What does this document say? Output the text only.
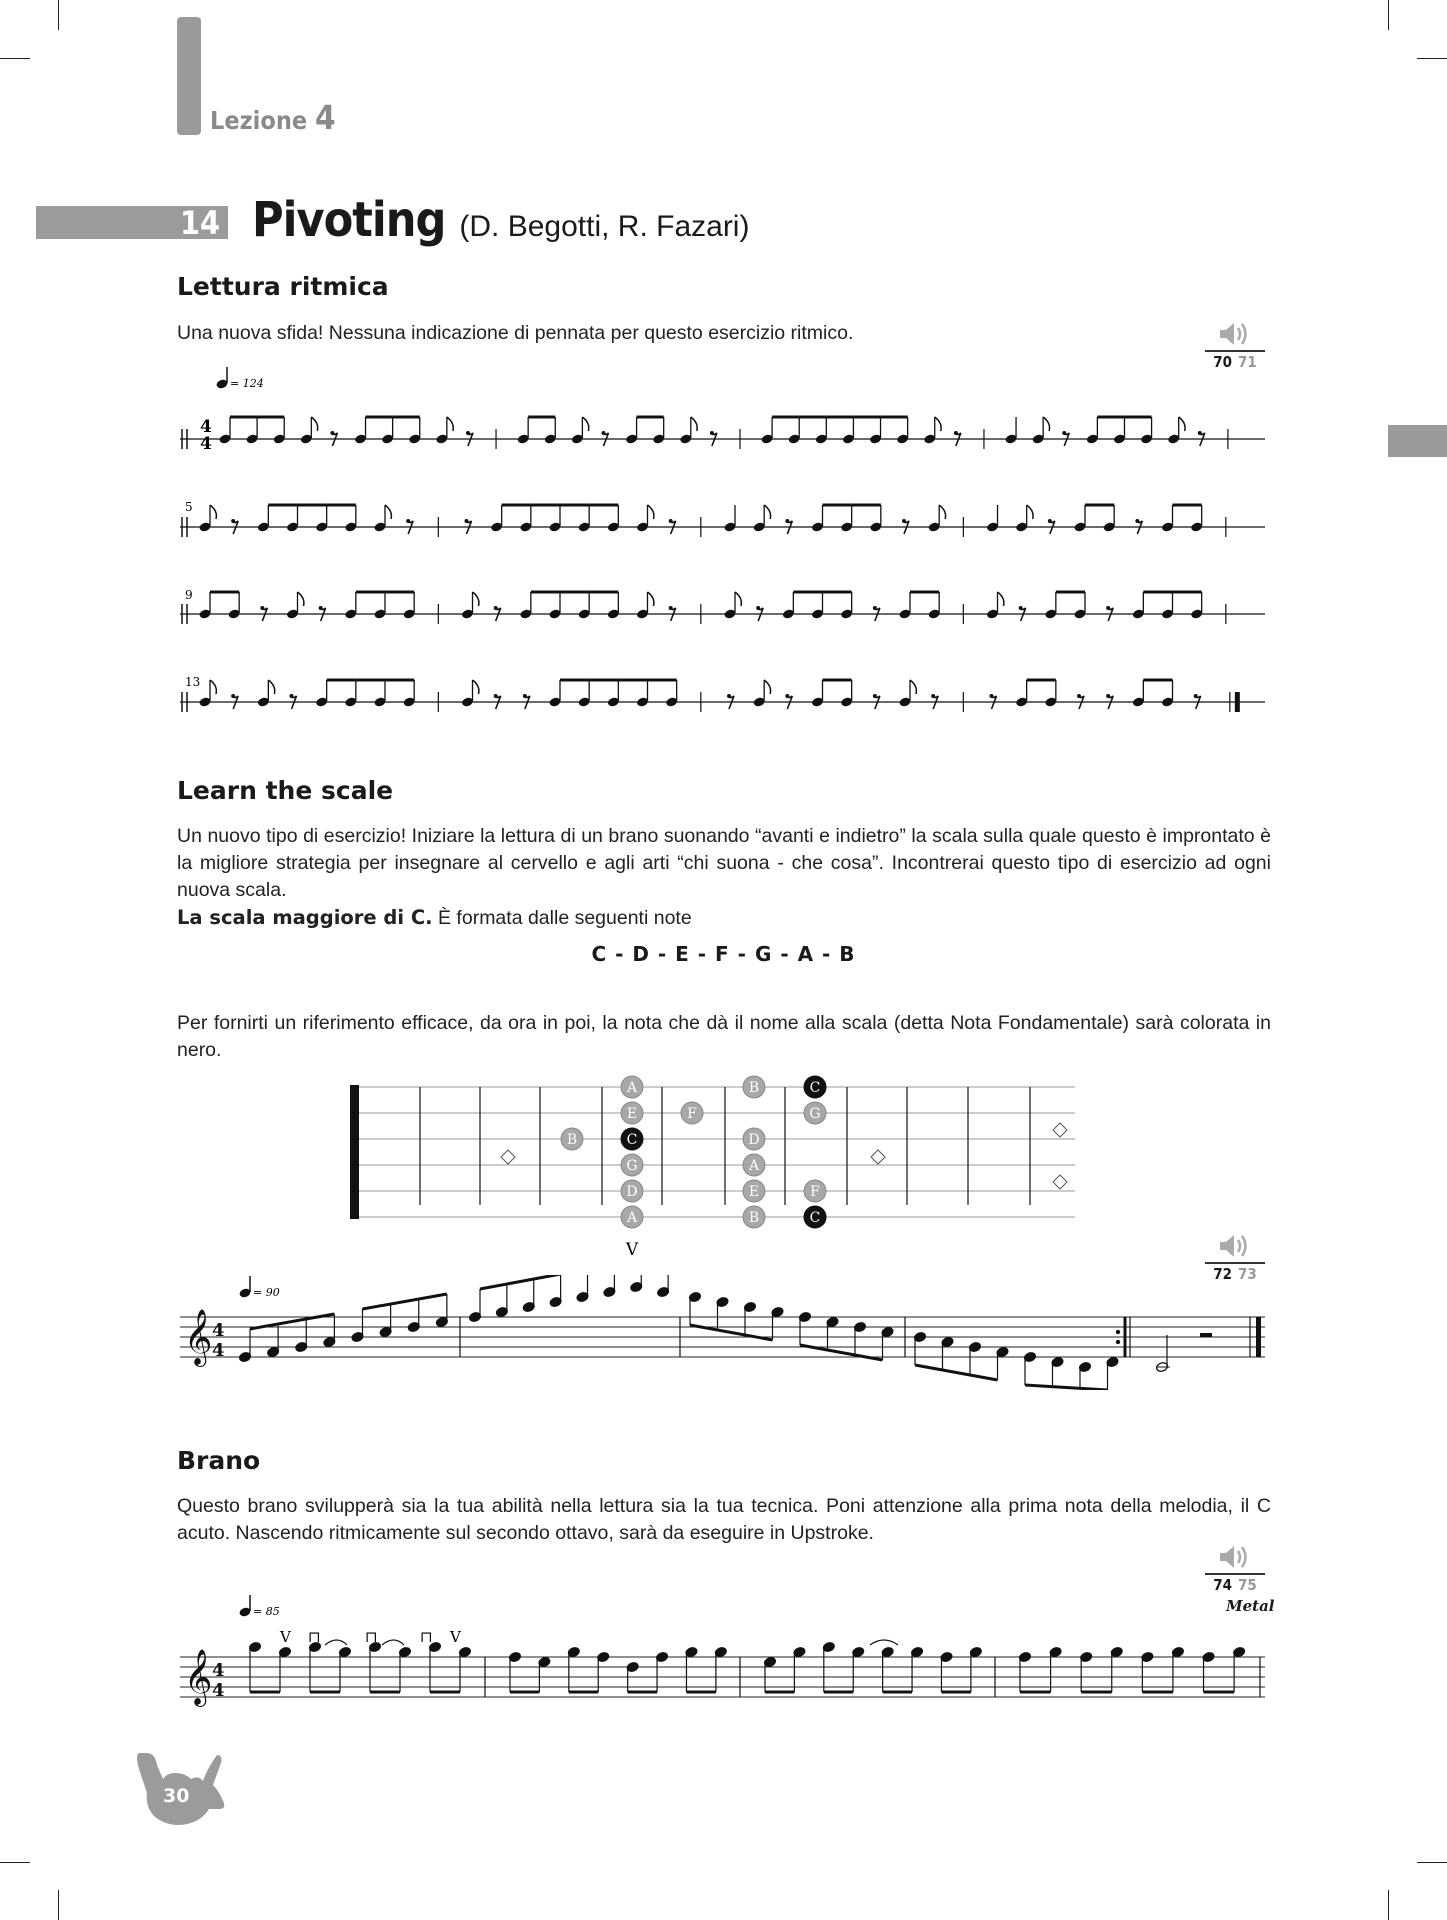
Lezione 4
14 Pivoting (D. Begotti, R. Fazari)
Lettura ritmica
Una nuova sfida! Nessuna indicazione di pennata per questo esercizio ritmico.
70 71
= 124
5
9
13
4
4
Learn the scale
Un nuovo tipo di esercizio! Iniziare la lettura di un brano suonando “avanti e indietro” la scala sulla quale questo è improntato è la migliore strategia per insegnare al cervello e agli arti “chi suona - che cosa”. Incontrerai questo tipo di esercizio ad ogni nuova scala.
La scala maggiore di C. È formata dalle seguenti note
C - D - E - F - G - A - B
Per fornirti un riferimento efficace, da ora in poi, la nota che dà il nome alla scala (detta Nota Fondamentale) sarà colorata in nero.
A
E
C
G
D
A
F
B
D
A
E
B
C
G
F
C
B
V
72 73
= 90
𝄞 4
4
Brano
Questo brano svilupperà sia la tua abilità nella lettura sia la tua tecnica. Poni attenzione alla prima nota della melodia, il C acuto. Nascendo ritmicamente sul secondo ottavo, sarà da eseguire in Upstroke.
74 75
Metal
= 85
𝄞 4
4
V ⊓	⊓	⊓ V
30
